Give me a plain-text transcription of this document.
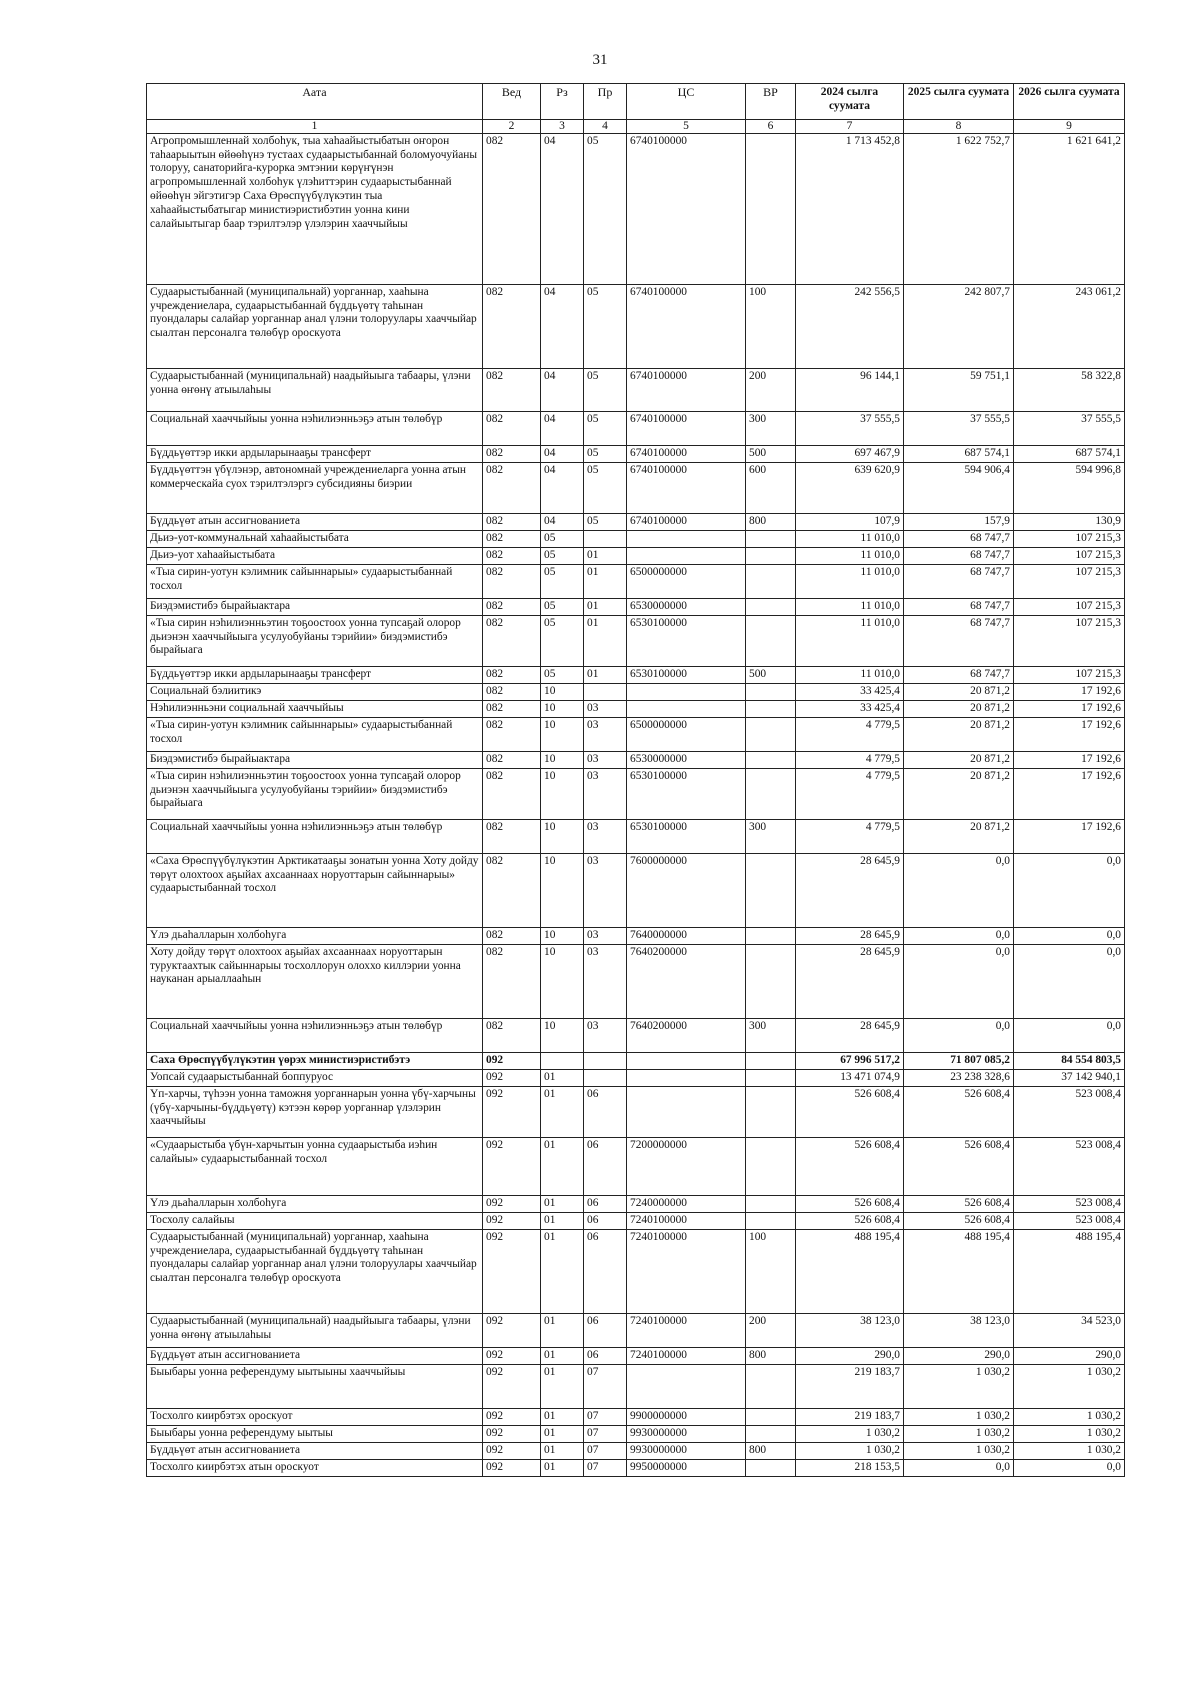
31
Аата	Вед	Рз	Пр	ЦС	ВР	2024 сылга суумата	2025 сылга суумата	2026 сылга суумата
1	2	3	4	5	6	7	8	9
Агропромышленнай холбоһук, тыа хаһаайыстыбатын оҥорон таһаарыытын өйөөһүнэ тустаах судаарыстыбаннай боломуочуйаны толоруу, санаторийга-курорка эмтэнии көрүҥүнэн агропромышленнай холбоһук үлэһиттэрин судаарыстыбаннай өйөөһүн эйгэтигэр Саха Өрөспүүбүлүкэтин тыа хаһаайыстыбатыгар министиэристибэтин уонна кини салайыытыгар баар тэрилтэлэр үлэлэрин хааччыйыы	082	04	05	6740100000		1 713 452,8	1 622 752,7	1 621 641,2
Судаарыстыбаннай (муниципальнай) уорганнар, хааһына учреждениелара, судаарыстыбаннай бүддьүөтү таһынан пуондалары салайар уорганнар анал үлэни толоруулары хааччыйар сыалтан персоналга төлөбүр ороскуота	082	04	05	6740100000	100	242 556,5	242 807,7	243 061,2
Судаарыстыбаннай (муниципальнай) наадыйыыга табаары, үлэни уонна өҥөнү атыылаһыы	082	04	05	6740100000	200	96 144,1	59 751,1	58 322,8
Социальнай хааччыйыы уонна нэһилиэнньэҕэ атын төлөбүр	082	04	05	6740100000	300	37 555,5	37 555,5	37 555,5
Бүддьүөттэр икки ардыларынааҕы трансферт	082	04	05	6740100000	500	697 467,9	687 574,1	687 574,1
Бүддьүөттэн үбүлэнэр, автономнай учреждениеларга уонна атын коммерческайа суох тэрилтэлэргэ субсидияны биэрии	082	04	05	6740100000	600	639 620,9	594 906,4	594 996,8
Бүддьүөт атын ассигнованиета	082	04	05	6740100000	800	107,9	157,9	130,9
Дьиэ-уот-коммунальнай хаһаайыстыбата	082	05				11 010,0	68 747,7	107 215,3
Дьиэ-уот хаһаайыстыбата	082	05	01			11 010,0	68 747,7	107 215,3
«Тыа сирин-уотун кэлимник сайыннарыы» судаарыстыбаннай тосхол	082	05	01	6500000000		11 010,0	68 747,7	107 215,3
Биэдэмистибэ бырайыактара	082	05	01	6530000000		11 010,0	68 747,7	107 215,3
«Тыа сирин нэһилиэнньэтин тоҕоостоох уонна тупсаҕай олорор дьиэнэн хааччыйыыга усулуобуйаны тэрийии» биэдэмистибэ бырайыага	082	05	01	6530100000		11 010,0	68 747,7	107 215,3
Бүддьүөттэр икки ардыларынааҕы трансферт	082	05	01	6530100000	500	11 010,0	68 747,7	107 215,3
Социальнай бэлиитикэ	082	10				33 425,4	20 871,2	17 192,6
Нэһилиэнньэни социальнай хааччыйыы	082	10	03			33 425,4	20 871,2	17 192,6
«Тыа сирин-уотун кэлимник сайыннарыы» судаарыстыбаннай тосхол	082	10	03	6500000000		4 779,5	20 871,2	17 192,6
Биэдэмистибэ бырайыактара	082	10	03	6530000000		4 779,5	20 871,2	17 192,6
«Тыа сирин нэһилиэнньэтин тоҕоостоох уонна тупсаҕай олорор дьиэнэн хааччыйыыга усулуобуйаны тэрийии» биэдэмистибэ бырайыага	082	10	03	6530100000		4 779,5	20 871,2	17 192,6
Социальнай хааччыйыы уонна нэһилиэнньэҕэ атын төлөбүр	082	10	03	6530100000	300	4 779,5	20 871,2	17 192,6
«Саха Өрөспүүбүлүкэтин Арктикатааҕы зонатын уонна Хоту дойду төрүт олохтоох аҕыйах ахсааннаах норуоттарын сайыннарыы» судаарыстыбаннай тосхол	082	10	03	7600000000		28 645,9	0,0	0,0
Үлэ дьаһалларын холбоһуга	082	10	03	7640000000		28 645,9	0,0	0,0
Хоту дойду төрүт олохтоох аҕыйах ахсааннаах норуоттарын туруктаахтык сайыннарыы тосхоллорун олоххо киллэрии уонна науканан арыаллааһын	082	10	03	7640200000		28 645,9	0,0	0,0
Социальнай хааччыйыы уонна нэһилиэнньэҕэ атын төлөбүр	082	10	03	7640200000	300	28 645,9	0,0	0,0
Саха Өрөспүүбүлүкэтин үөрэх министиэристибэтэ	092					67 996 517,2	71 807 085,2	84 554 803,5
Уопсай судаарыстыбаннай боппуруос	092	01				13 471 074,9	23 238 328,6	37 142 940,1
Үп-харчы, түһээн уонна таможня уорганнарын уонна үбү-харчыны (үбү-харчыны-бүддьүөтү) кэтээн көрөр уорганнар үлэлэрин хааччыйыы	092	01	06			526 608,4	526 608,4	523 008,4
«Судаарыстыба үбүн-харчытын уонна судаарыстыба иэһин салайыы» судаарыстыбаннай тосхол	092	01	06	7200000000		526 608,4	526 608,4	523 008,4
Үлэ дьаһалларын холбоһуга	092	01	06	7240000000		526 608,4	526 608,4	523 008,4
Тосхолу салайыы	092	01	06	7240100000		526 608,4	526 608,4	523 008,4
Судаарыстыбаннай (муниципальнай) уорганнар, хааһына учреждениелара, судаарыстыбаннай бүддьүөтү таһынан пуондалары салайар уорганнар анал үлэни толоруулары хааччыйар сыалтан персоналга төлөбүр ороскуота	092	01	06	7240100000	100	488 195,4	488 195,4	488 195,4
Судаарыстыбаннай (муниципальнай) наадыйыыга табаары, үлэни уонна өҥөнү атыылаһыы	092	01	06	7240100000	200	38 123,0	38 123,0	34 523,0
Бүддьүөт атын ассигнованиета	092	01	06	7240100000	800	290,0	290,0	290,0
Быыбары уонна референдуму ыытыыны хааччыйыы	092	01	07			219 183,7	1 030,2	1 030,2
Тосхолго киирбэтэх ороскуот	092	01	07	9900000000		219 183,7	1 030,2	1 030,2
Быыбары уонна референдуму ыытыы	092	01	07	9930000000		1 030,2	1 030,2	1 030,2
Бүддьүөт атын ассигнованиета	092	01	07	9930000000	800	1 030,2	1 030,2	1 030,2
Тосхолго киирбэтэх атын ороскуот	092	01	07	9950000000		218 153,5	0,0	0,0
